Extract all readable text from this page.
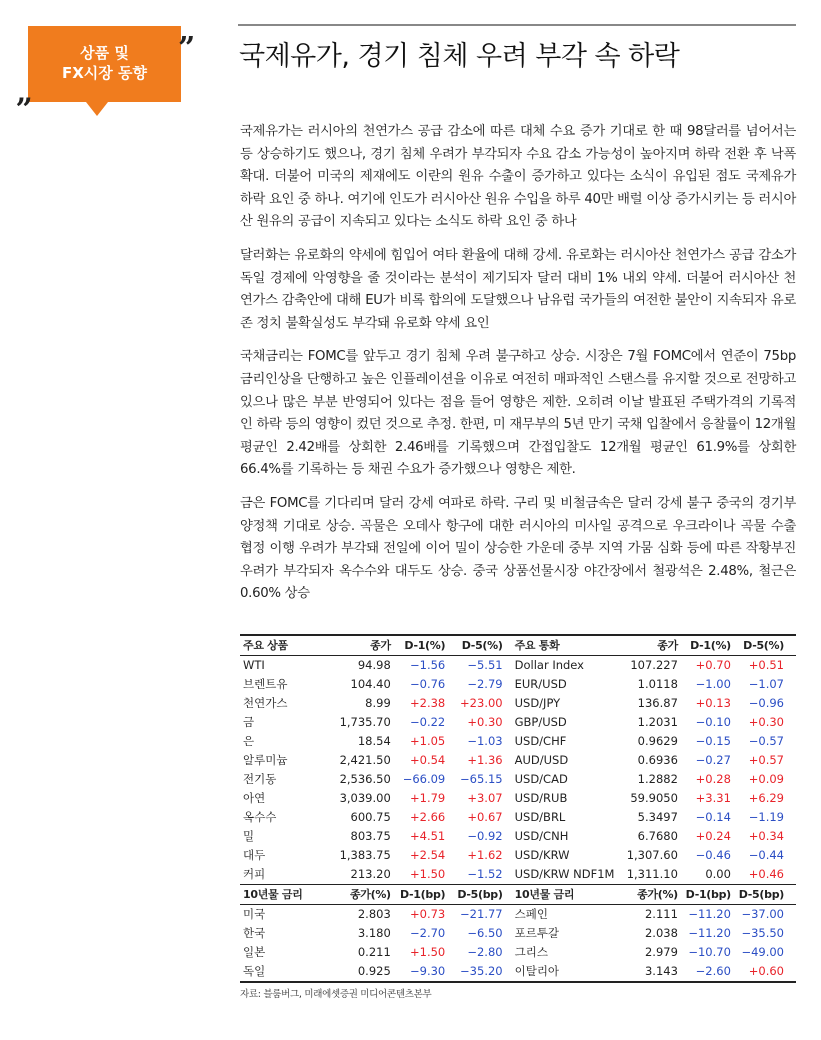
상품 및
FX시장 동향
”
„
국제유가, 경기 침체 우려 부각 속 하락

국제유가는 러시아의 천연가스 공급 감소에 따른 대체 수요 증가 기대로 한 때 98달러를 넘어서는 등 상승하기도 했으나, 경기 침체 우려가 부각되자 수요 감소 가능성이 높아지며 하락 전환 후 낙폭 확대. 더불어 미국의 제재에도 이란의 원유 수출이 증가하고 있다는 소식이 유입된 점도 국제유가 하락 요인 중 하나. 여기에 인도가 러시아산 원유 수입을 하루 40만 배럴 이상 증가시키는 등 러시아산 원유의 공급이 지속되고 있다는 소식도 하락 요인 중 하나

달러화는 유로화의 약세에 힘입어 여타 환율에 대해 강세. 유로화는 러시아산 천연가스 공급 감소가 독일 경제에 악영향을 줄 것이라는 분석이 제기되자 달러 대비 1% 내외 약세. 더불어 러시아산 천연가스 감축안에 대해 EU가 비록 합의에 도달했으나 남유럽 국가들의 여전한 불안이 지속되자 유로존 정치 불확실성도 부각돼 유로화 약세 요인

국채금리는 FOMC를 앞두고 경기 침체 우려 불구하고 상승. 시장은 7월 FOMC에서 연준이 75bp 금리인상을 단행하고 높은 인플레이션을 이유로 여전히 매파적인 스탠스를 유지할 것으로 전망하고 있으나 많은 부분 반영되어 있다는 점을 들어 영향은 제한. 오히려 이날 발표된 주택가격의 기록적인 하락 등의 영향이 컸던 것으로 추정. 한편, 미 재무부의 5년 만기 국채 입찰에서 응찰률이 12개월 평균인 2.42배를 상회한 2.46배를 기록했으며 간접입찰도 12개월 평균인 61.9%를 상회한 66.4%를 기록하는 등 채권 수요가 증가했으나 영향은 제한.

금은 FOMC를 기다리며 달러 강세 여파로 하락. 구리 및 비철금속은 달러 강세 불구 중국의 경기부양정책 기대로 상승. 곡물은 오데사 항구에 대한 러시아의 미사일 공격으로 우크라이나 곡물 수출 협정 이행 우려가 부각돼 전일에 이어 밀이 상승한 가운데 중부 지역 가뭄 심화 등에 따른 작황부진 우려가 부각되자 옥수수와 대두도 상승. 중국 상품선물시장 야간장에서 철광석은 2.48%, 철근은 0.60% 상승

주요 상품	종가	D-1(%)	D-5(%)	주요 통화	종가	D-1(%)	D-5(%)
WTI	94.98	−1.56	−5.51	Dollar Index	107.227	+0.70	+0.51
브렌트유	104.40	−0.76	−2.79	EUR/USD	1.0118	−1.00	−1.07
천연가스	8.99	+2.38	+23.00	USD/JPY	136.87	+0.13	−0.96
금	1,735.70	−0.22	+0.30	GBP/USD	1.2031	−0.10	+0.30
은	18.54	+1.05	−1.03	USD/CHF	0.9629	−0.15	−0.57
알루미늄	2,421.50	+0.54	+1.36	AUD/USD	0.6936	−0.27	+0.57
전기동	2,536.50	−66.09	−65.15	USD/CAD	1.2882	+0.28	+0.09
아연	3,039.00	+1.79	+3.07	USD/RUB	59.9050	+3.31	+6.29
옥수수	600.75	+2.66	+0.67	USD/BRL	5.3497	−0.14	−1.19
밀	803.75	+4.51	−0.92	USD/CNH	6.7680	+0.24	+0.34
대두	1,383.75	+2.54	+1.62	USD/KRW	1,307.60	−0.46	−0.44
커피	213.20	+1.50	−1.52	USD/KRW NDF1M	1,311.10	0.00	+0.46
10년물 금리	종가(%)	D-1(bp)	D-5(bp)	10년물 금리	종가(%)	D-1(bp)	D-5(bp)
미국	2.803	+0.73	−21.77	스페인	2.111	−11.20	−37.00
한국	3.180	−2.70	−6.50	포르투갈	2.038	−11.20	−35.50
일본	0.211	+1.50	−2.80	그리스	2.979	−10.70	−49.00
독일	0.925	−9.30	−35.20	이탈리아	3.143	−2.60	+0.60
자료: 블룸버그, 미래에셋증권 미디어콘텐츠본부
